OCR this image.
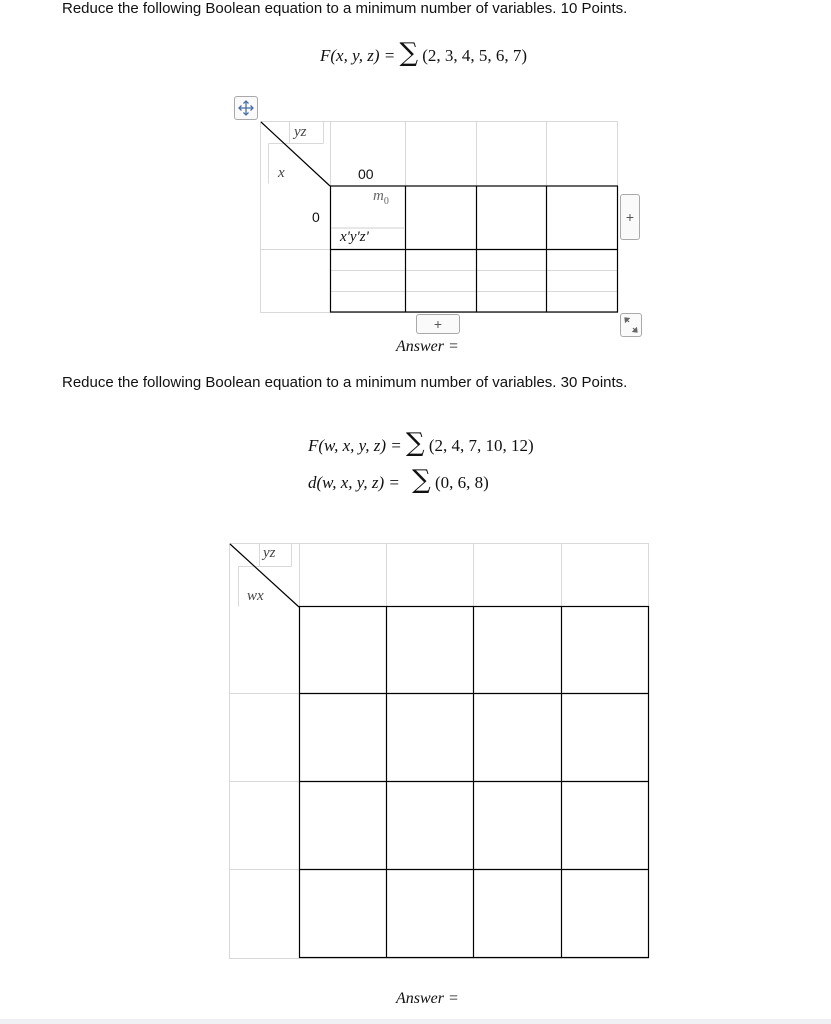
Reduce the following Boolean equation to a minimum number of variables. 10 Points.
F(x, y, z) = ∑ (2, 3, 4, 5, 6, 7)
yz
x	00
0
$m_0$
x'y'z'
+
+
Answer =
Reduce the following Boolean equation to a minimum number of variables. 30 Points.
F(w, x, y, z) = ∑ (2, 4, 7, 10, 12)
d(w, x, y, z) = ∑ (0, 6, 8)
yz
wx
Answer =
